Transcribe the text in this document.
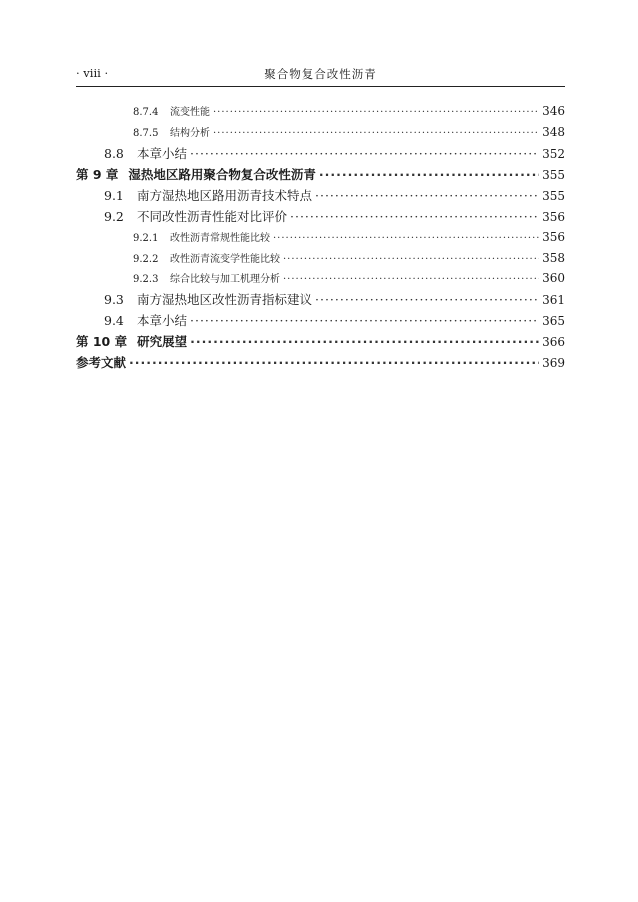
· viii ·	聚合物复合改性沥青
8.7.4	流变性能 ·····	346
8.7.5	结构分析 ·····	348
8.8	本章小结 ·····	352
第 9 章 湿热地区路用聚合物复合改性沥青 ·····	355
9.1	南方湿热地区路用沥青技术特点 ·····	355
9.2	不同改性沥青性能对比评价 ·····	356
9.2.1	改性沥青常规性能比较 ·····	356
9.2.2	改性沥青流变学性能比较 ·····	358
9.2.3	综合比较与加工机理分析 ·····	360
9.3	南方湿热地区改性沥青指标建议 ·····	361
9.4	本章小结 ·····	365
第 10 章 研究展望 ·····	366
参考文献 ·····	369
